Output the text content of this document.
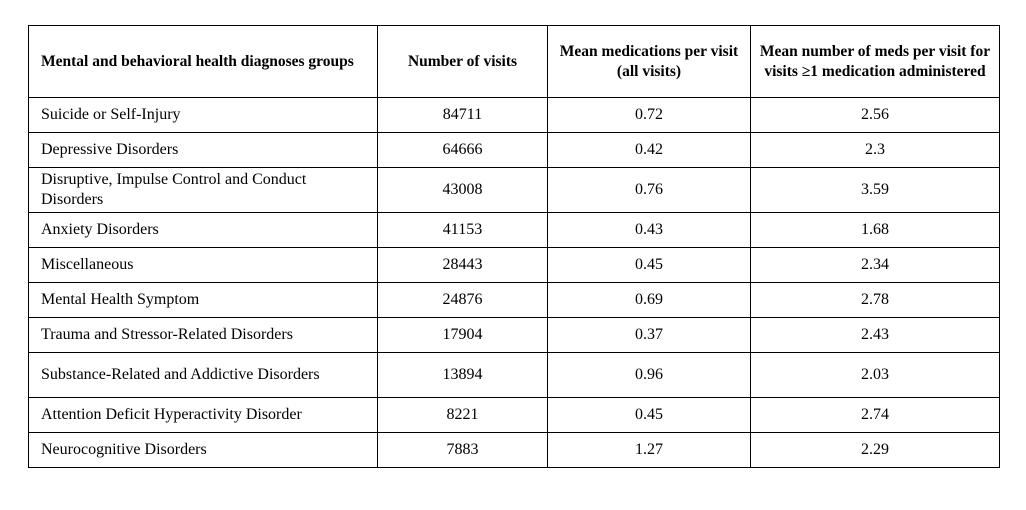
Mental and behavioral health diagnoses groups	Number of visits	Mean medications per visit (all visits)	Mean number of meds per visit for visits ≥1 medication administered
Suicide or Self-Injury	84711	0.72	2.56
Depressive Disorders	64666	0.42	2.3
Disruptive, Impulse Control and Conduct Disorders	43008	0.76	3.59
Anxiety Disorders	41153	0.43	1.68
Miscellaneous	28443	0.45	2.34
Mental Health Symptom	24876	0.69	2.78
Trauma and Stressor-Related Disorders	17904	0.37	2.43
Substance-Related and Addictive Disorders	13894	0.96	2.03
Attention Deficit Hyperactivity Disorder	8221	0.45	2.74
Neurocognitive Disorders	7883	1.27	2.29
